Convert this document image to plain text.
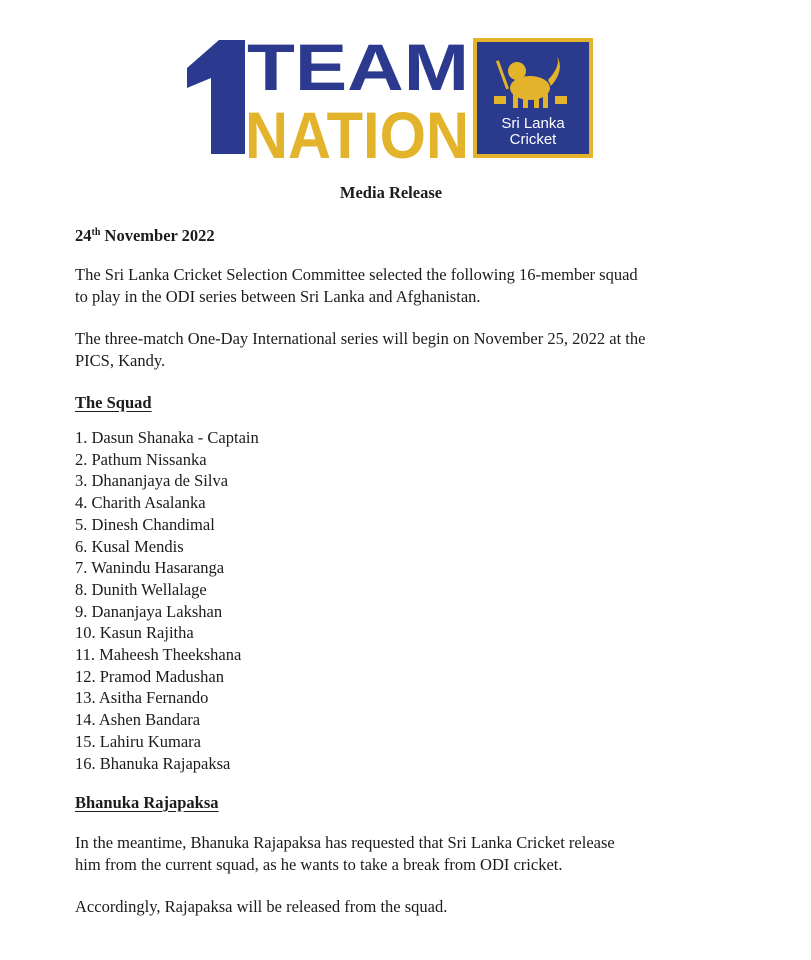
TEAM
NATION Sri Lanka
Cricket

Media Release

24th November 2022

The Sri Lanka Cricket Selection Committee selected the following 16-member squad
to play in the ODI series between Sri Lanka and Afghanistan.

The three-match One-Day International series will begin on November 25, 2022 at the
PICS, Kandy.

The Squad

1. Dasun Shanaka - Captain
2. Pathum Nissanka
3. Dhananjaya de Silva
4. Charith Asalanka
5. Dinesh Chandimal
6. Kusal Mendis
7. Wanindu Hasaranga
8. Dunith Wellalage
9. Dananjaya Lakshan
10. Kasun Rajitha
11. Maheesh Theekshana
12. Pramod Madushan
13. Asitha Fernando
14. Ashen Bandara
15. Lahiru Kumara
16. Bhanuka Rajapaksa

Bhanuka Rajapaksa

In the meantime, Bhanuka Rajapaksa has requested that Sri Lanka Cricket release
him from the current squad, as he wants to take a break from ODI cricket.

Accordingly, Rajapaksa will be released from the squad.
